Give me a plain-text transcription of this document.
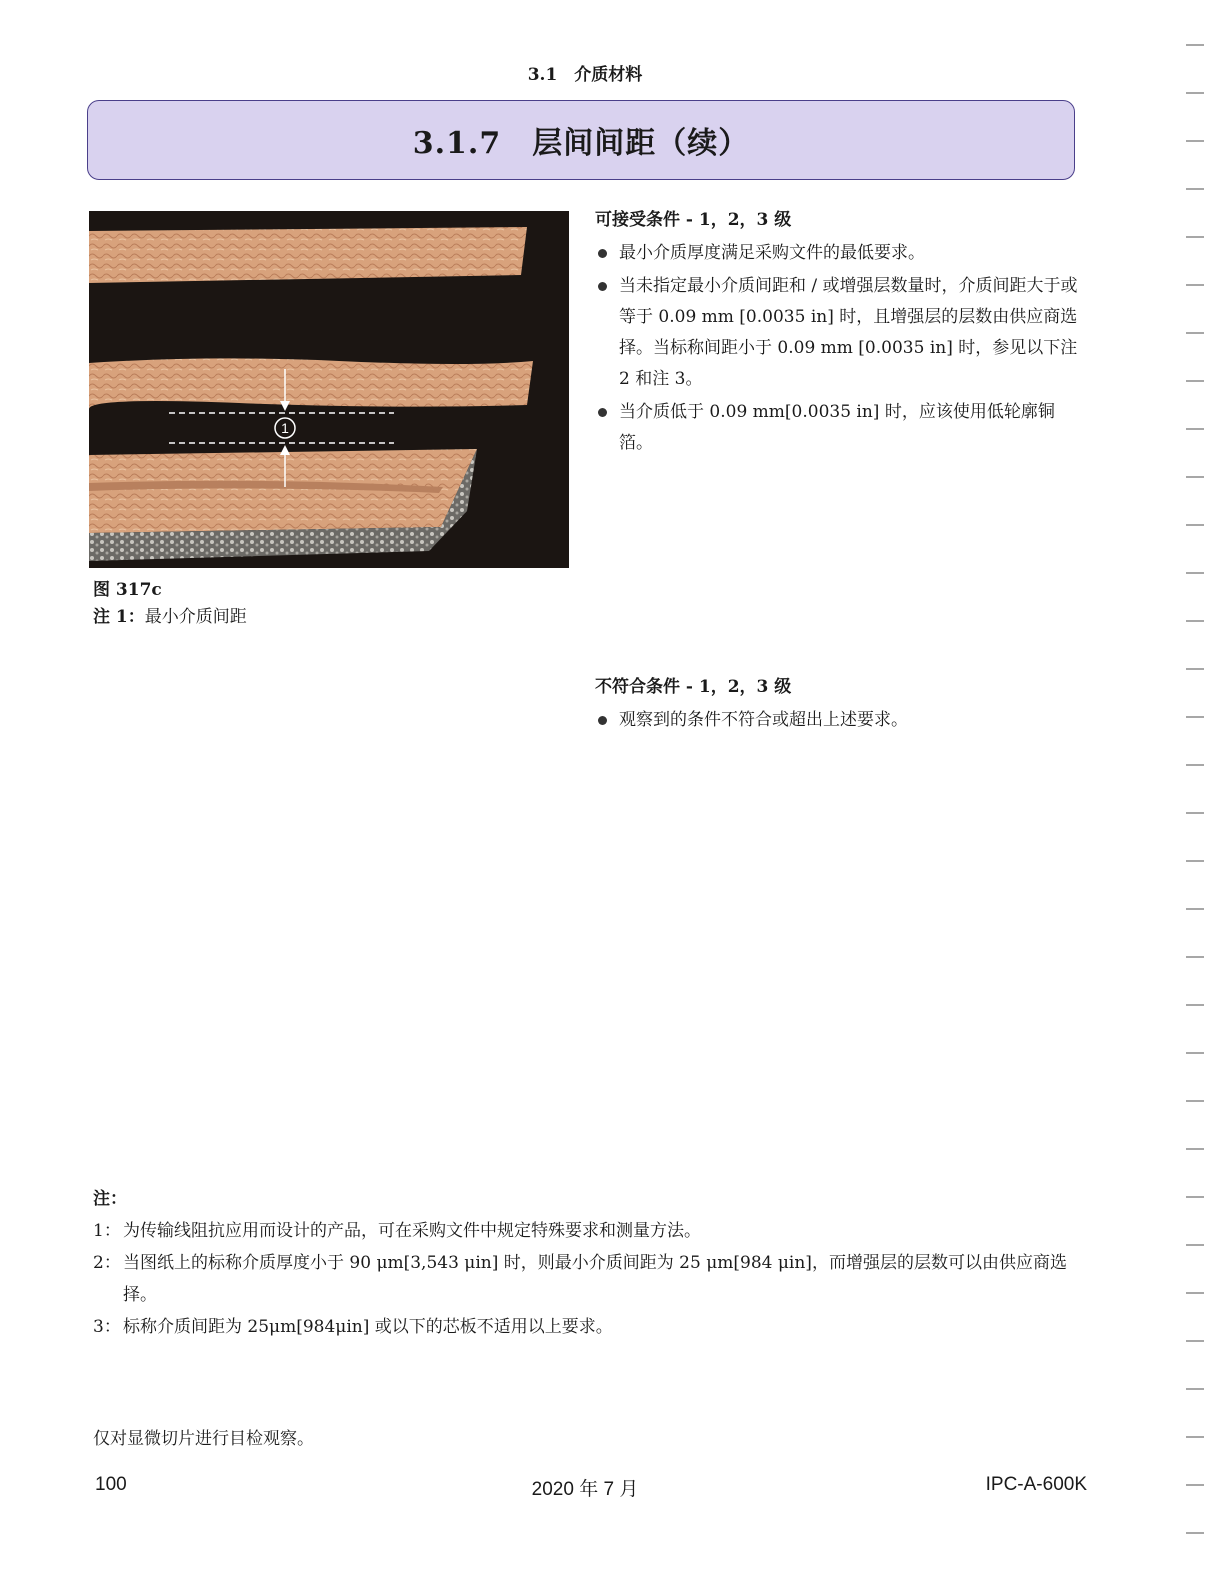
3.1　介质材料
3.1.7　层间间距（续）
1
图 317c
注 1：最小介质间距
可接受条件 - 1，2，3 级
最小介质厚度满足采购文件的最低要求。
当未指定最小介质间距和 / 或增强层数量时，介质间距大于或等于 0.09 mm [0.0035 in] 时，且增强层的层数由供应商选择。当标称间距小于 0.09 mm [0.0035 in] 时，参见以下注 2 和注 3。
当介质低于 0.09 mm[0.0035 in] 时，应该使用低轮廓铜箔。
不符合条件 - 1，2，3 级
观察到的条件不符合或超出上述要求。
注：
1： 为传输线阻抗应用而设计的产品，可在采购文件中规定特殊要求和测量方法。
2： 当图纸上的标称介质厚度小于 90 μm[3,543 μin] 时，则最小介质间距为 25 μm[984 μin]，而增强层的层数可以由供应商选择。
3： 标称介质间距为 25μm[984μin] 或以下的芯板不适用以上要求。
仅对显微切片进行目检观察。
100	2020 年 7 月	IPC-A-600K
